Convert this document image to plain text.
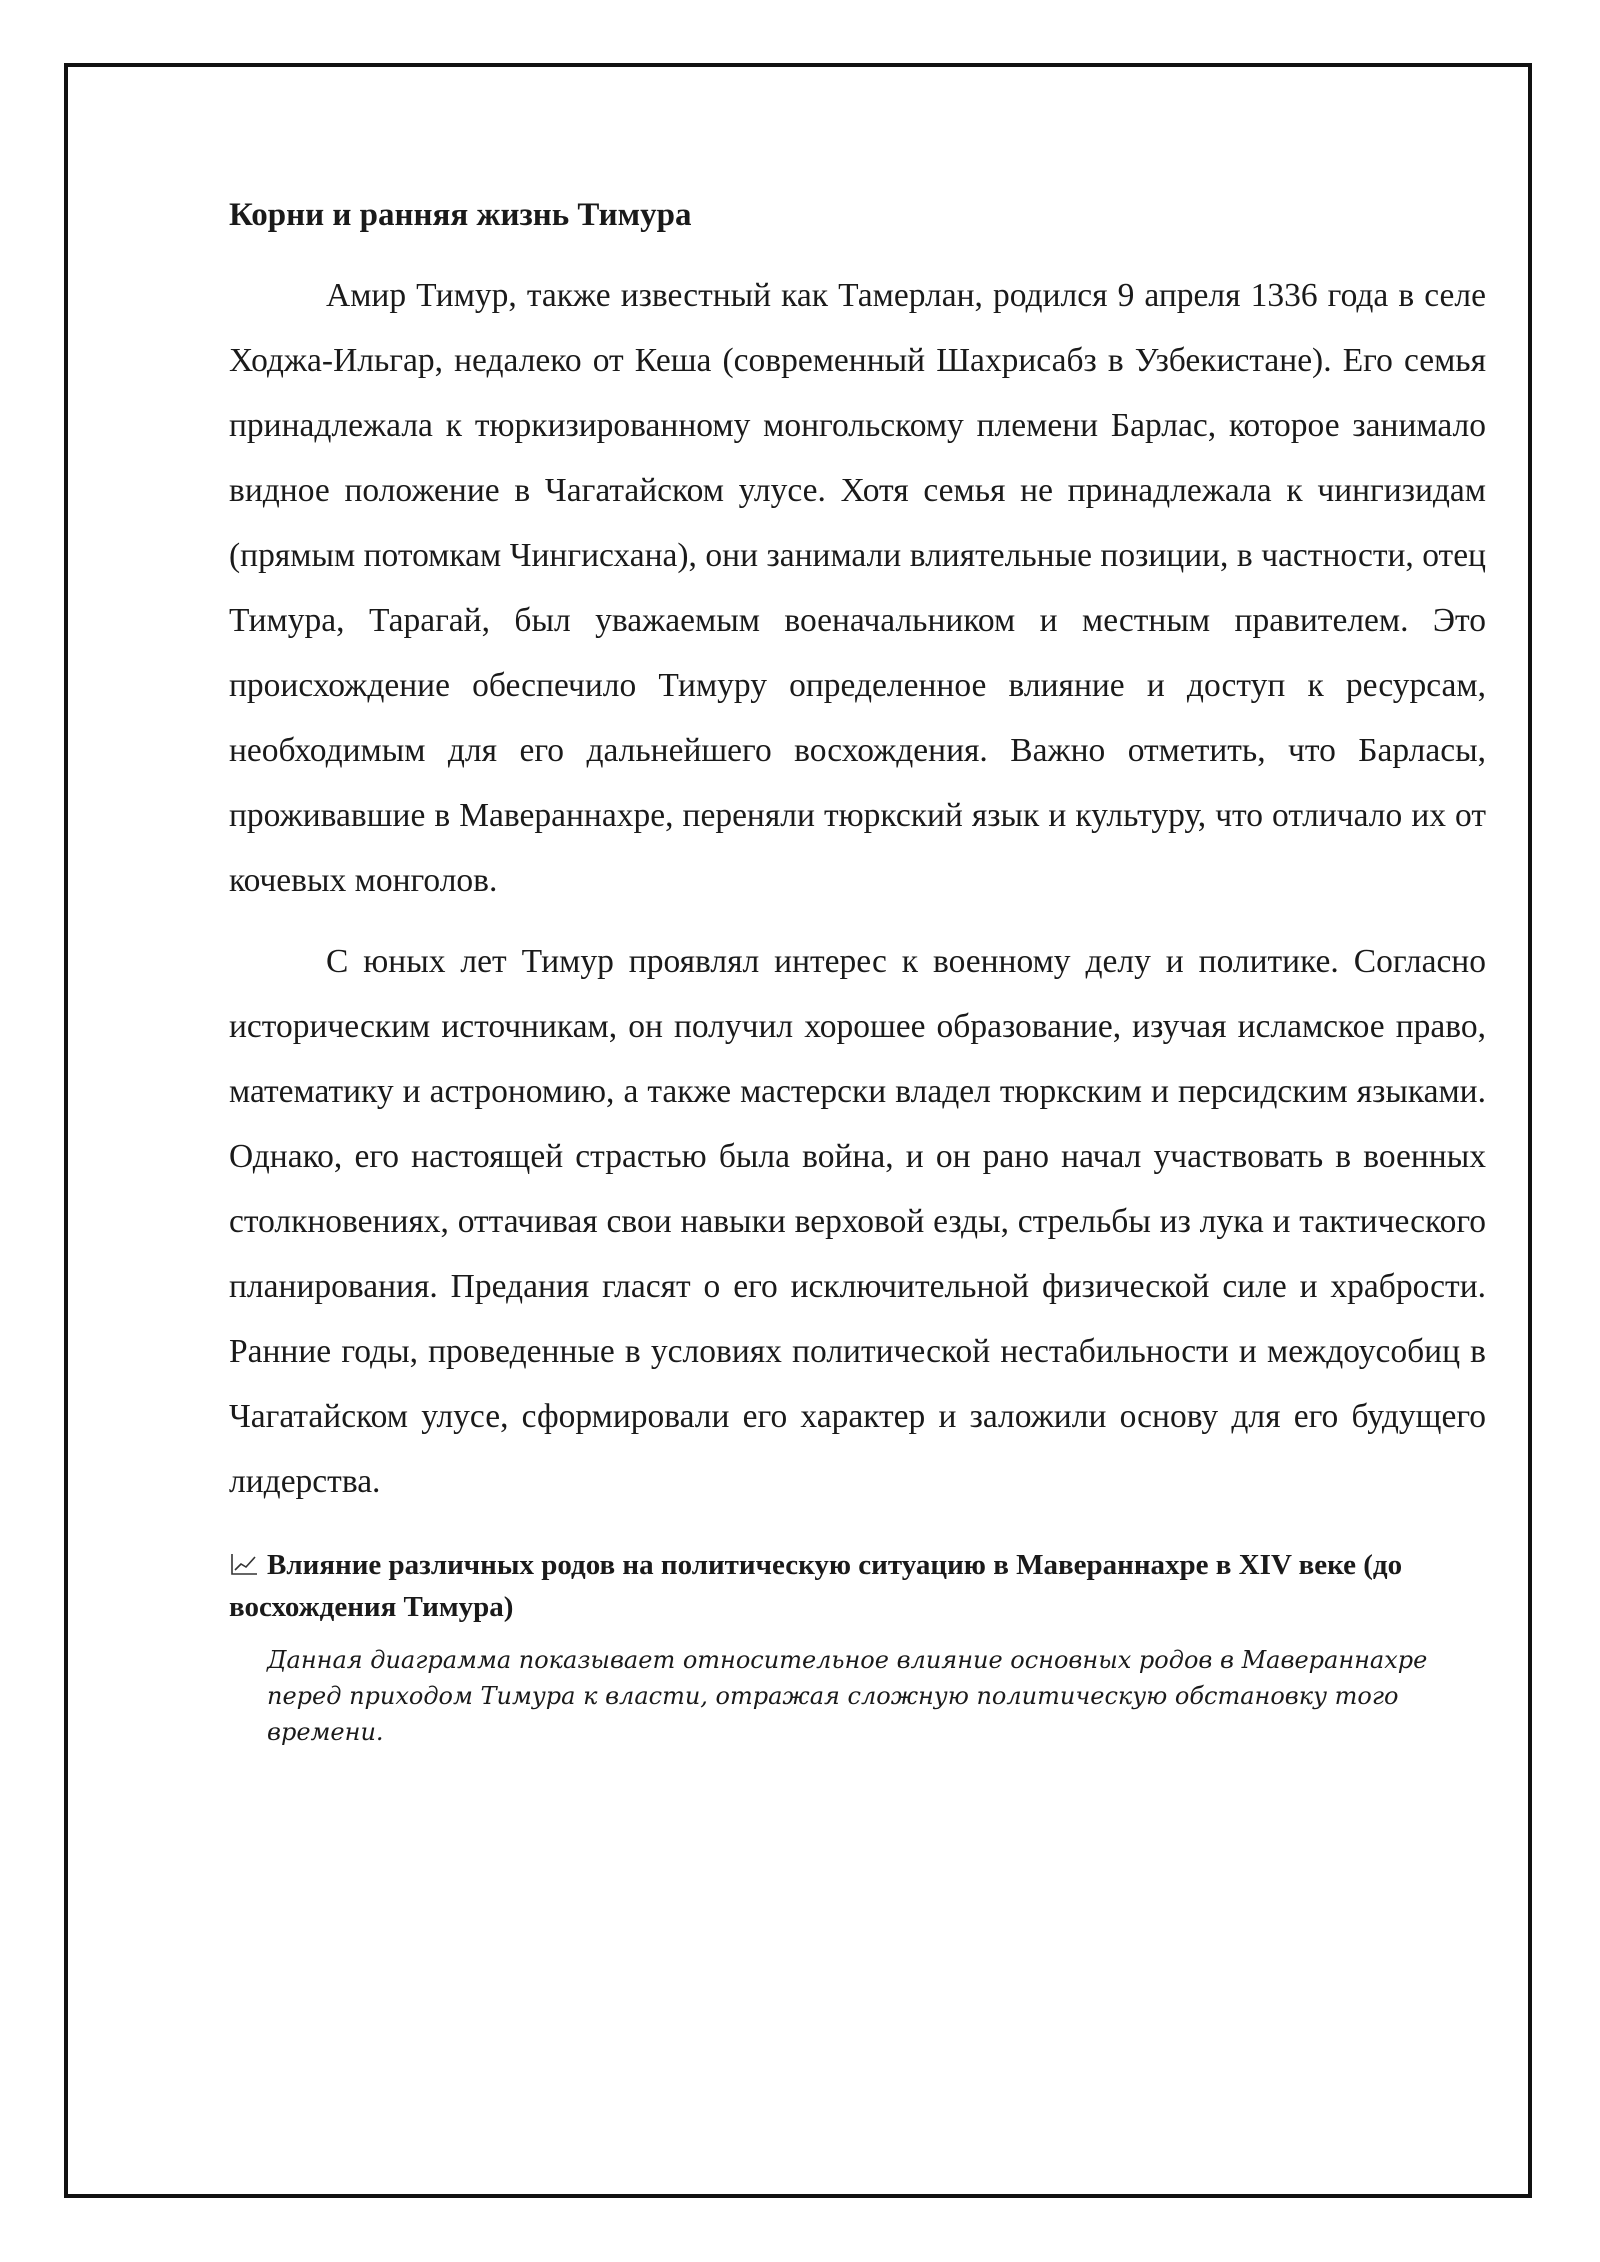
Корни и ранняя жизнь Тимура

Амир Тимур, также известный как Тамерлан, родился 9 апреля 1336 года в селе Ходжа-Ильгар, недалеко от Кеша (современный Шахрисабз в Узбекистане). Его семья принадлежала к тюркизированному монгольскому племени Барлас, которое занимало видное положение в Чагатайском улусе. Хотя семья не принадлежала к чингизидам (прямым потомкам Чингисхана), они занимали влиятельные позиции, в частности, отец Тимура, Тарагай, был уважаемым военачальником и местным правителем. Это происхождение обеспечило Тимуру определенное влияние и доступ к ресурсам, необходимым для его дальнейшего восхождения. Важно отметить, что Барласы, проживавшие в Мавераннахре, переняли тюркский язык и культуру, что отличало их от кочевых монголов.

С юных лет Тимур проявлял интерес к военному делу и политике. Согласно историческим источникам, он получил хорошее образование, изучая исламское право, математику и астрономию, а также мастерски владел тюркским и персидским языками. Однако, его настоящей страстью была война, и он рано начал участвовать в военных столкновениях, оттачивая свои навыки верховой езды, стрельбы из лука и тактического планирования. Предания гласят о его исключительной физической силе и храбрости. Ранние годы, проведенные в условиях политической нестабильности и междоусобиц в Чагатайском улусе, сформировали его характер и заложили основу для его будущего лидерства.

Влияние различных родов на политическую ситуацию в Мавераннахре в XIV веке (до восхождения Тимура)

Данная диаграмма показывает относительное влияние основных родов в Мавераннахре перед приходом Тимура к власти, отражая сложную политическую обстановку того времени.
